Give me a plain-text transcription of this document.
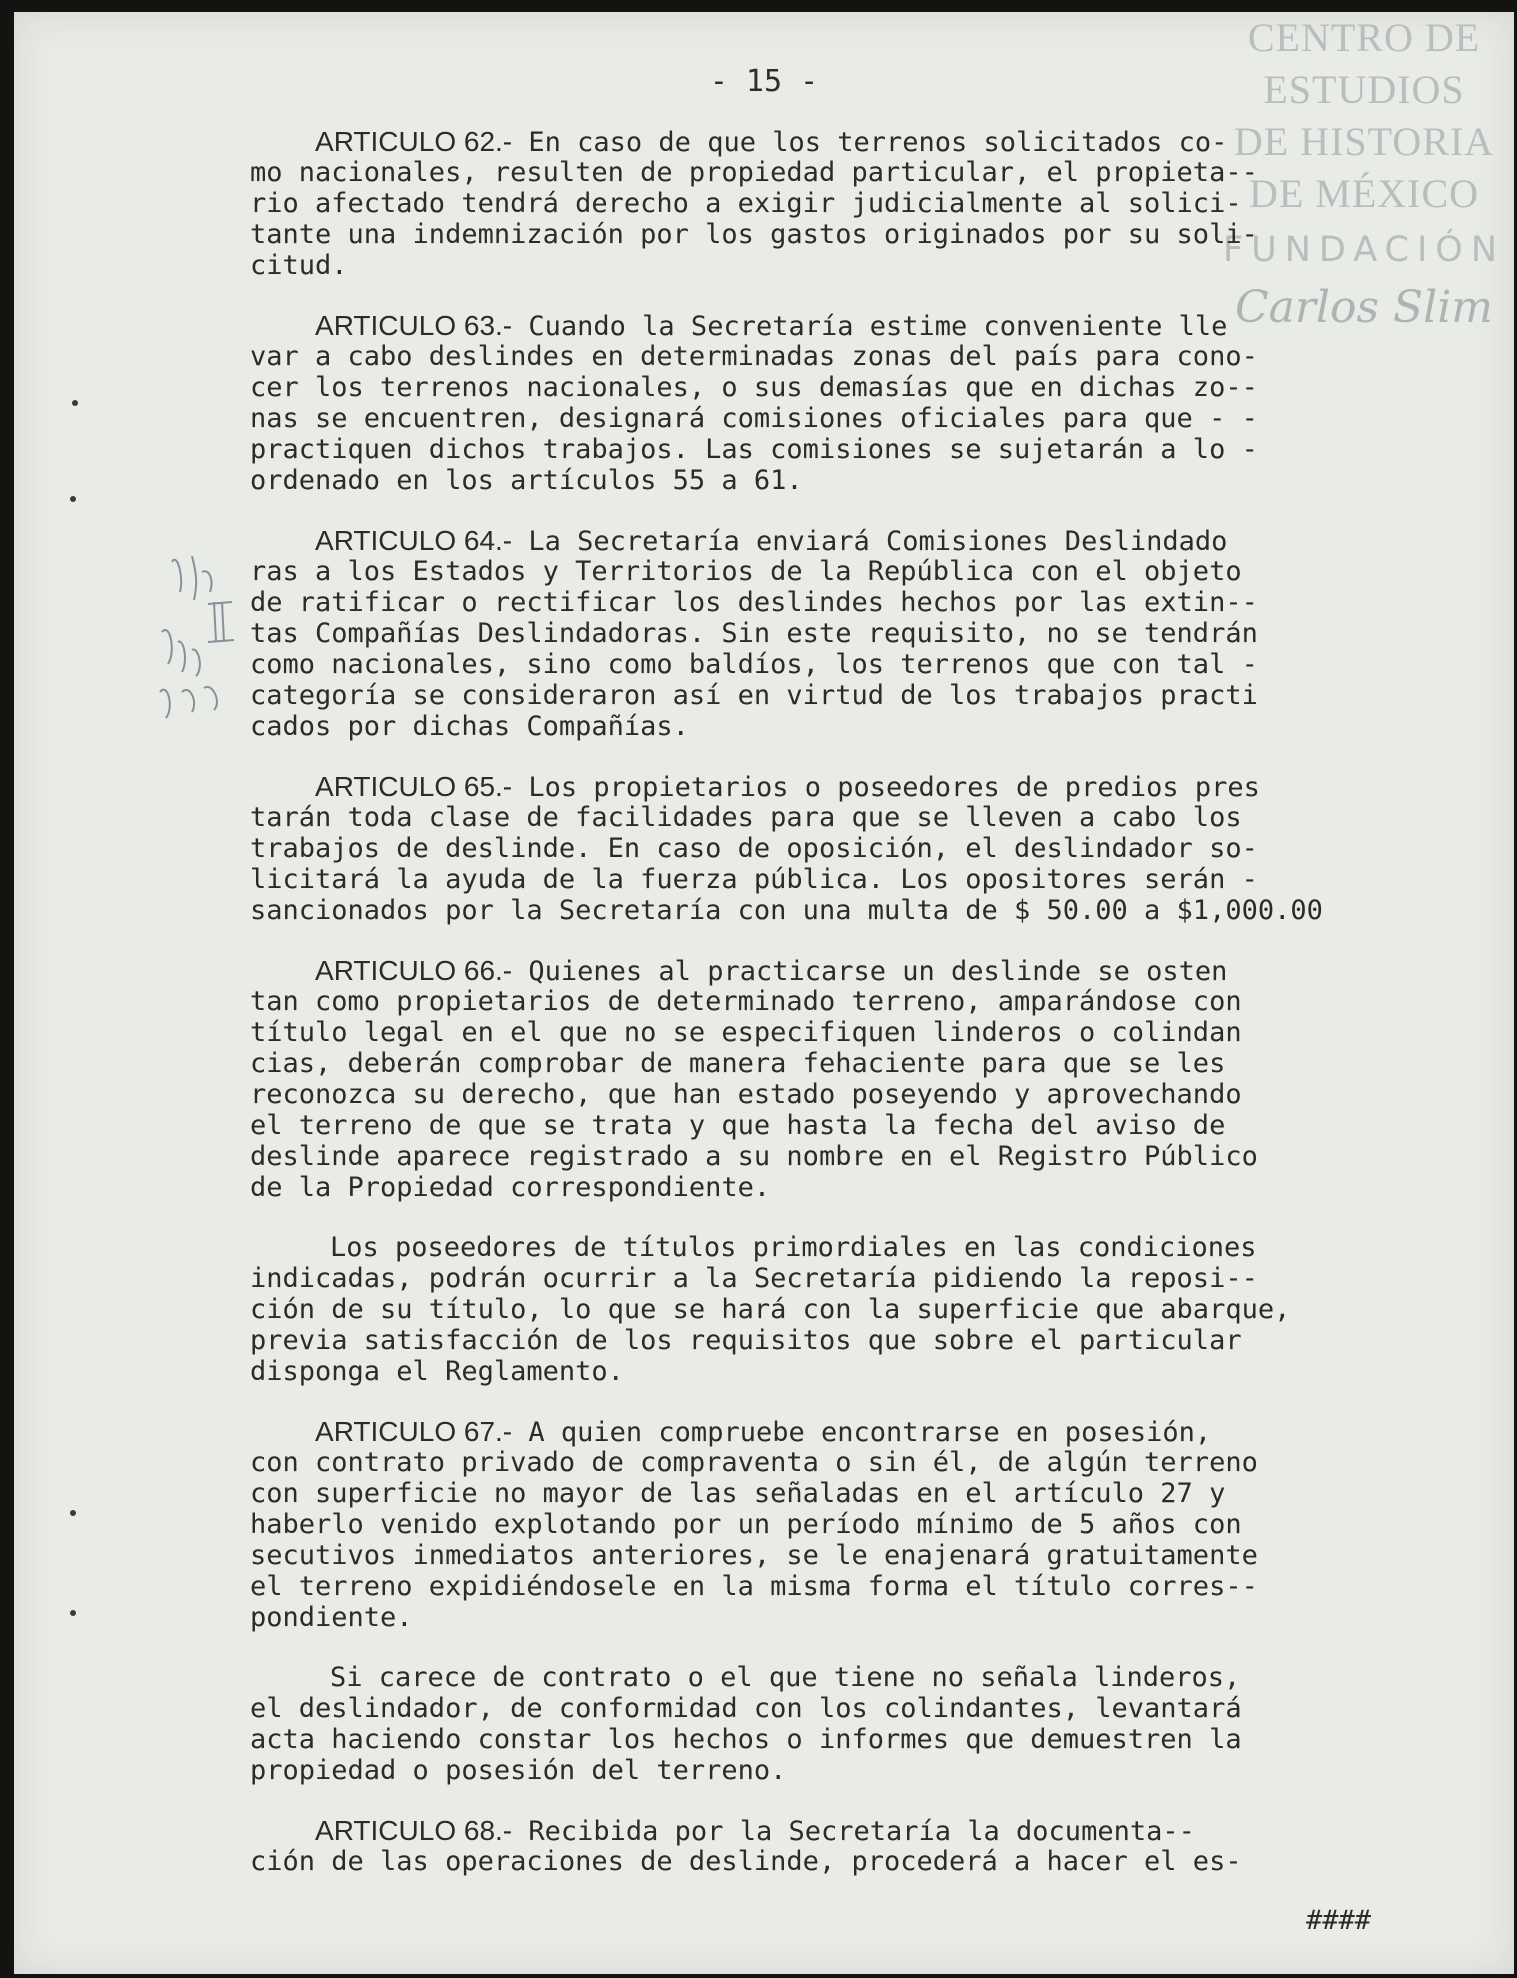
CENTRO DE
ESTUDIOS
DE HISTORIA
DE MÉXICO
FUNDACIÓN
Carlos Slim
- 15 -
ARTICULO 62.- En caso de que los terrenos solicitados co-
mo nacionales, resulten de propiedad particular, el propieta--
rio afectado tendrá derecho a exigir judicialmente al solici-
tante una indemnización por los gastos originados por su soli-
citud.
ARTICULO 63.- Cuando la Secretaría estime conveniente lle
var a cabo deslindes en determinadas zonas del país para cono-
cer los terrenos nacionales, o sus demasías que en dichas zo--
nas se encuentren, designará comisiones oficiales para que - -
practiquen dichos trabajos. Las comisiones se sujetarán a lo -
ordenado en los artículos 55 a 61.
ARTICULO 64.- La Secretaría enviará Comisiones Deslindado
ras a los Estados y Territorios de la República con el objeto
de ratificar o rectificar los deslindes hechos por las extin--
tas Compañías Deslindadoras. Sin este requisito, no se tendrán
como nacionales, sino como baldíos, los terrenos que con tal -
categoría se consideraron así en virtud de los trabajos practi
cados por dichas Compañías.
ARTICULO 65.- Los propietarios o poseedores de predios pres
tarán toda clase de facilidades para que se lleven a cabo los
trabajos de deslinde. En caso de oposición, el deslindador so-
licitará la ayuda de la fuerza pública. Los opositores serán -
sancionados por la Secretaría con una multa de $ 50.00 a $1,000.00
ARTICULO 66.- Quienes al practicarse un deslinde se osten
tan como propietarios de determinado terreno, amparándose con
título legal en el que no se especifiquen linderos o colindan
cias, deberán comprobar de manera fehaciente para que se les
reconozca su derecho, que han estado poseyendo y aprovechando
el terreno de que se trata y que hasta la fecha del aviso de
deslinde aparece registrado a su nombre en el Registro Público
de la Propiedad correspondiente.
Los poseedores de títulos primordiales en las condiciones
indicadas, podrán ocurrir a la Secretaría pidiendo la reposi--
ción de su título, lo que se hará con la superficie que abarque,
previa satisfacción de los requisitos que sobre el particular
disponga el Reglamento.
ARTICULO 67.- A quien compruebe encontrarse en posesión,
con contrato privado de compraventa o sin él, de algún terreno
con superficie no mayor de las señaladas en el artículo 27 y
haberlo venido explotando por un período mínimo de 5 años con
secutivos inmediatos anteriores, se le enajenará gratuitamente
el terreno expidiéndosele en la misma forma el título corres--
pondiente.
Si carece de contrato o el que tiene no señala linderos,
el deslindador, de conformidad con los colindantes, levantará
acta haciendo constar los hechos o informes que demuestren la
propiedad o posesión del terreno.
ARTICULO 68.- Recibida por la Secretaría la documenta--
ción de las operaciones de deslinde, procederá a hacer el es-
####
